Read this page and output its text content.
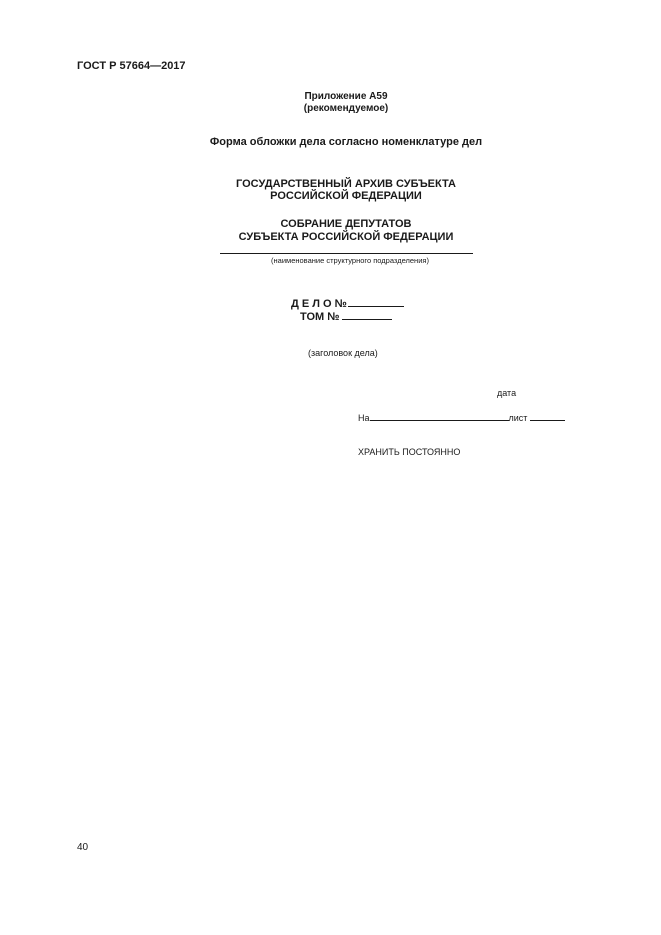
ГОСТ Р 57664—2017
Приложение А59
(рекомендуемое)
Форма обложки дела согласно номенклатуре дел
ГОСУДАРСТВЕННЫЙ АРХИВ СУБЪЕКТА
РОССИЙСКОЙ ФЕДЕРАЦИИ
СОБРАНИЕ ДЕПУТАТОВ
СУБЪЕКТА РОССИЙСКОЙ ФЕДЕРАЦИИ
(наименование структурного подразделения)
Д Е Л О №
ТОМ №
(заголовок дела)
дата
На	лист
ХРАНИТЬ ПОСТОЯННО
40
